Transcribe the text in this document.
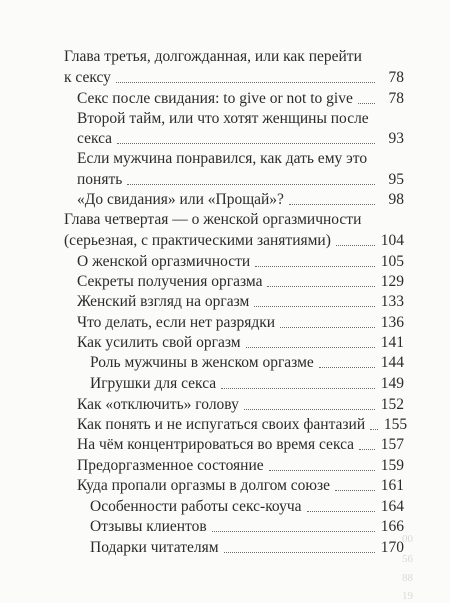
Глава третья, долгожданная, или как перейти
к сексу	78
Секс после свидания: to give or not to give	78
Второй тайм, или что хотят женщины после
секса	93
Если мужчина понравился, как дать ему это
понять	95
«До свидания» или «Прощай»?	98
Глава четвертая — о женской оргазмичности
(серьезная, с практическими занятиями)	104
О женской оргазмичности	105
Секреты получения оргазма	129
Женский взгляд на оргазм	133
Что делать, если нет разрядки	136
Как усилить свой оргазм	141
Роль мужчины в женском оргазме	144
Игрушки для секса	149
Как «отключить» голову	152
Как понять и не испугаться своих фантазий 155
На чём концентрироваться во время секса 157
Предоргазменное состояние	159
Куда пропали оргазмы в долгом союзе	161
Особенности работы секс-коуча	164
Отзывы клиентов	166
Подарки читателям	170
00
56
88
19
